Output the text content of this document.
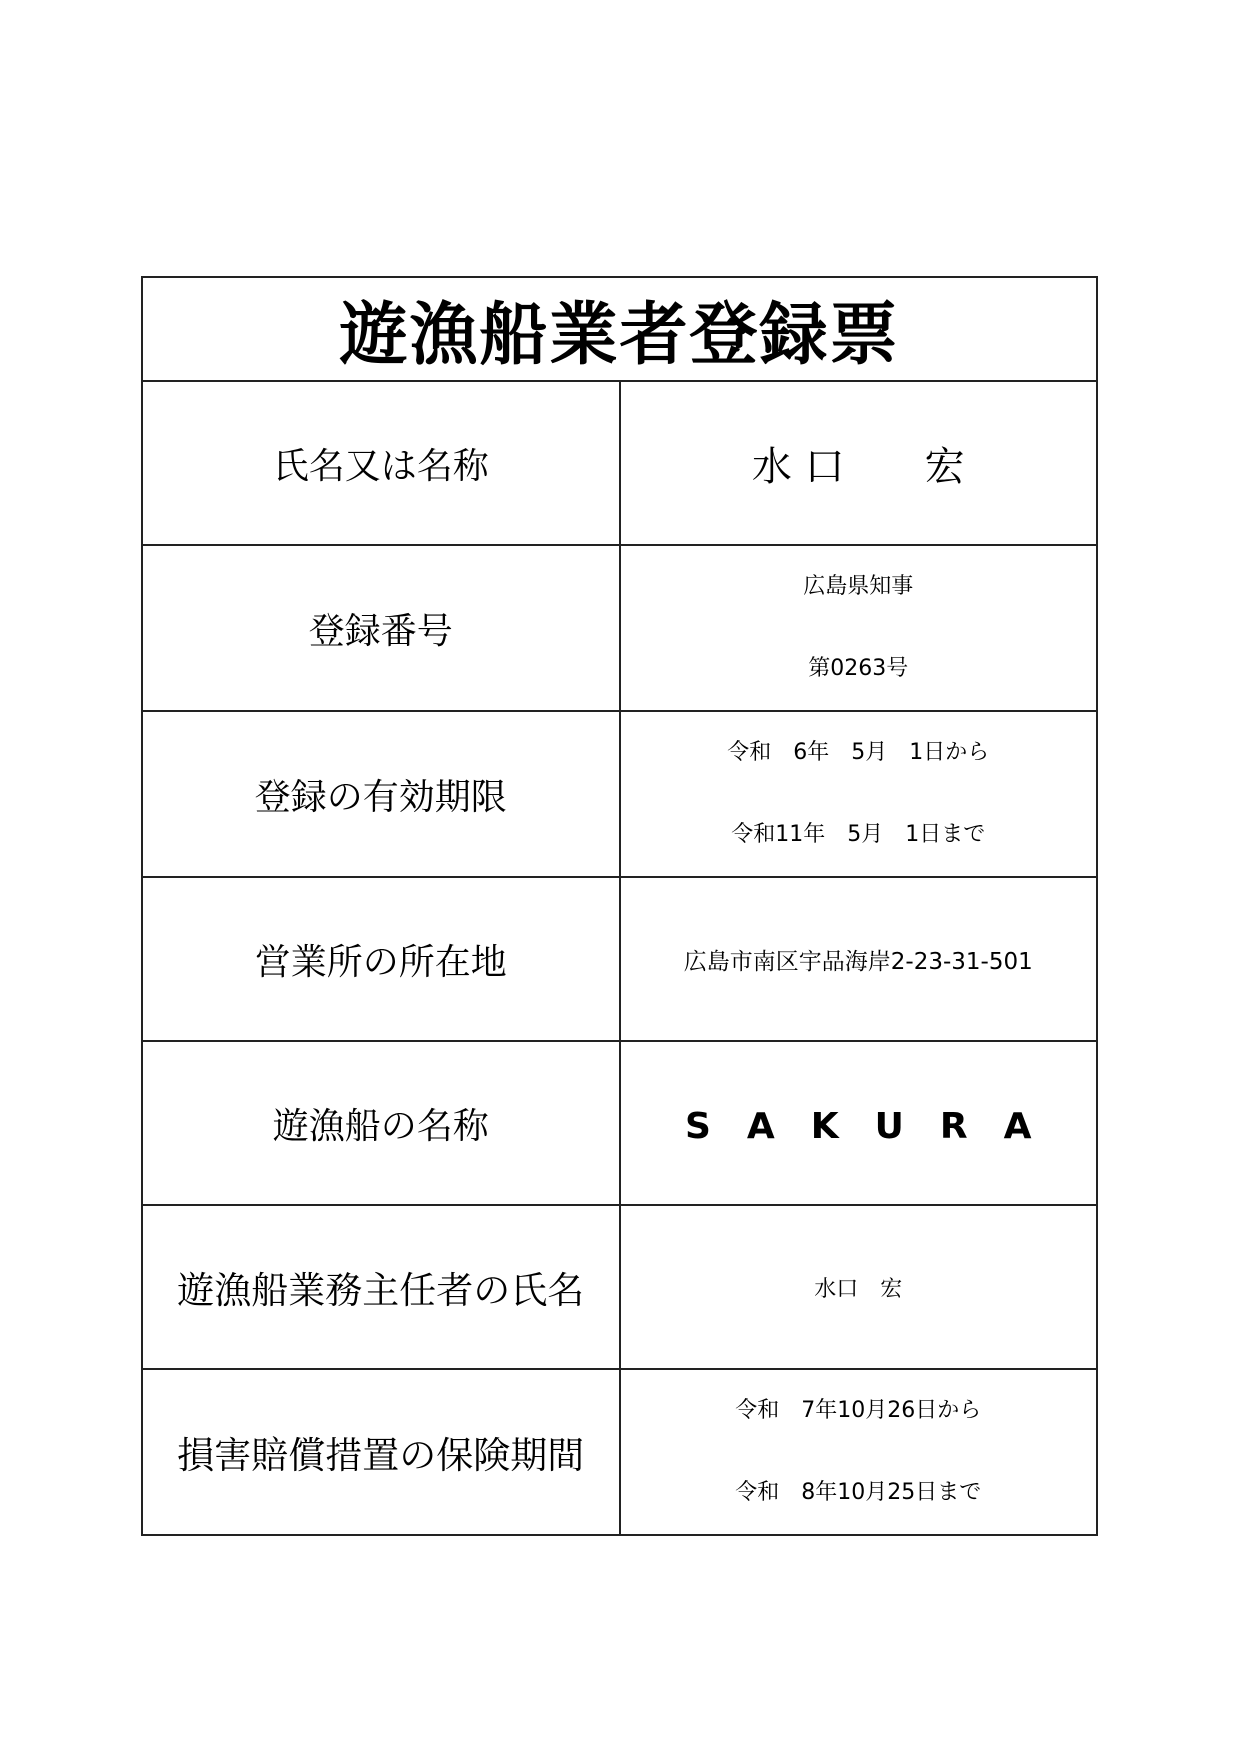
遊漁船業者登録票	
氏名又は名称	水 口　　宏
登録番号	広島県知事
第0263号

登録の有効期限	令和　6年　5月　1日から
令和11年　5月　1日まで

営業所の所在地	広島市南区宇品海岸2-23-31-501
遊漁船の名称	S　A　K　U　R　A
遊漁船業務主任者の氏名	水口　宏
損害賠償措置の保険期間	令和　7年10月26日から
令和　8年10月25日まで
